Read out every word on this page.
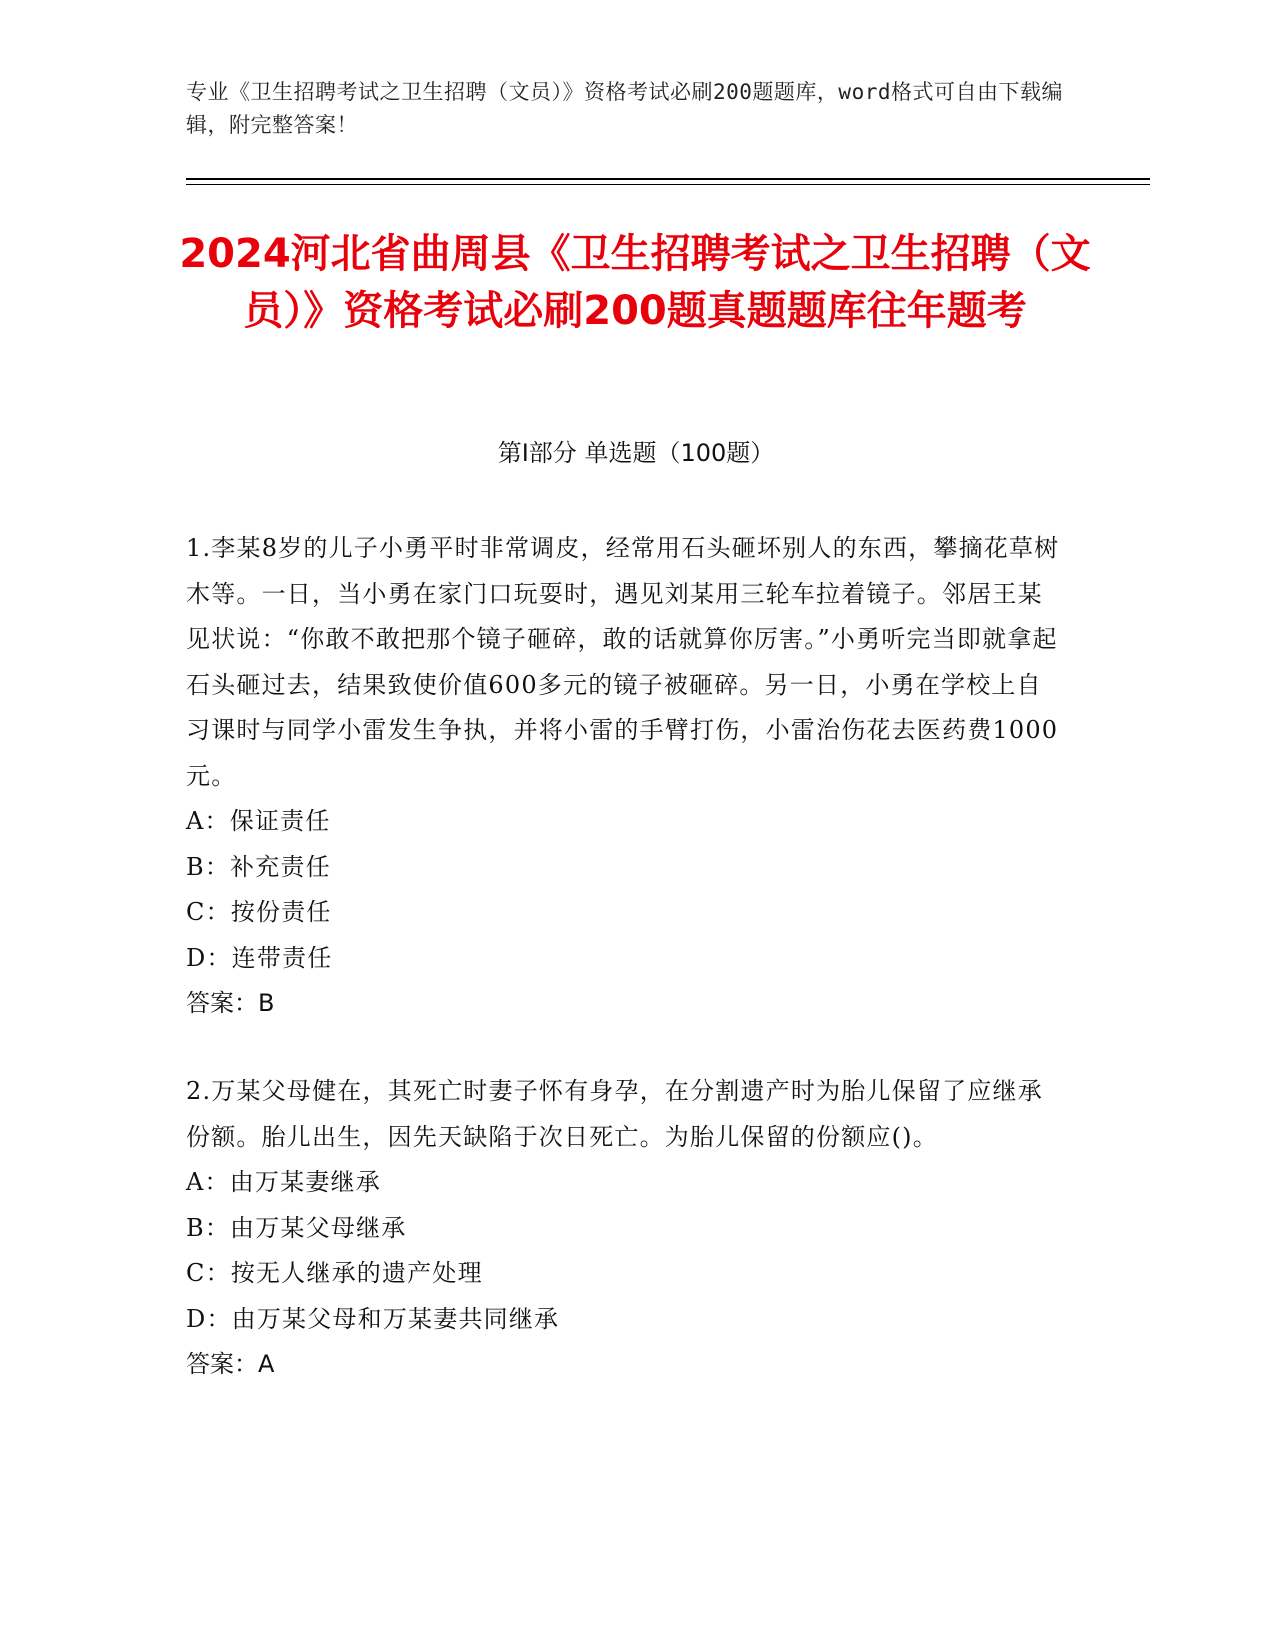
专业《卫生招聘考试之卫生招聘（文员）》资格考试必刷200题题库，word格式可自由下载编辑，附完整答案！
2024河北省曲周县《卫生招聘考试之卫生招聘（文员）》资格考试必刷200题真题题库往年题考
第I部分 单选题（100题）

1.李某8岁的儿子小勇平时非常调皮，经常用石头砸坏别人的东西，攀摘花草树木等。一日，当小勇在家门口玩耍时，遇见刘某用三轮车拉着镜子。邻居王某见状说：“你敢不敢把那个镜子砸碎，敢的话就算你厉害。”小勇听完当即就拿起石头砸过去，结果致使价值600多元的镜子被砸碎。另一日，小勇在学校上自习课时与同学小雷发生争执，并将小雷的手臂打伤，小雷治伤花去医药费1000元。

A：保证责任

B：补充责任

C：按份责任

D：连带责任

答案：B

2.万某父母健在，其死亡时妻子怀有身孕，在分割遗产时为胎儿保留了应继承份额。胎儿出生，因先天缺陷于次日死亡。为胎儿保留的份额应()。

A：由万某妻继承

B：由万某父母继承

C：按无人继承的遗产处理

D：由万某父母和万某妻共同继承

答案：A
